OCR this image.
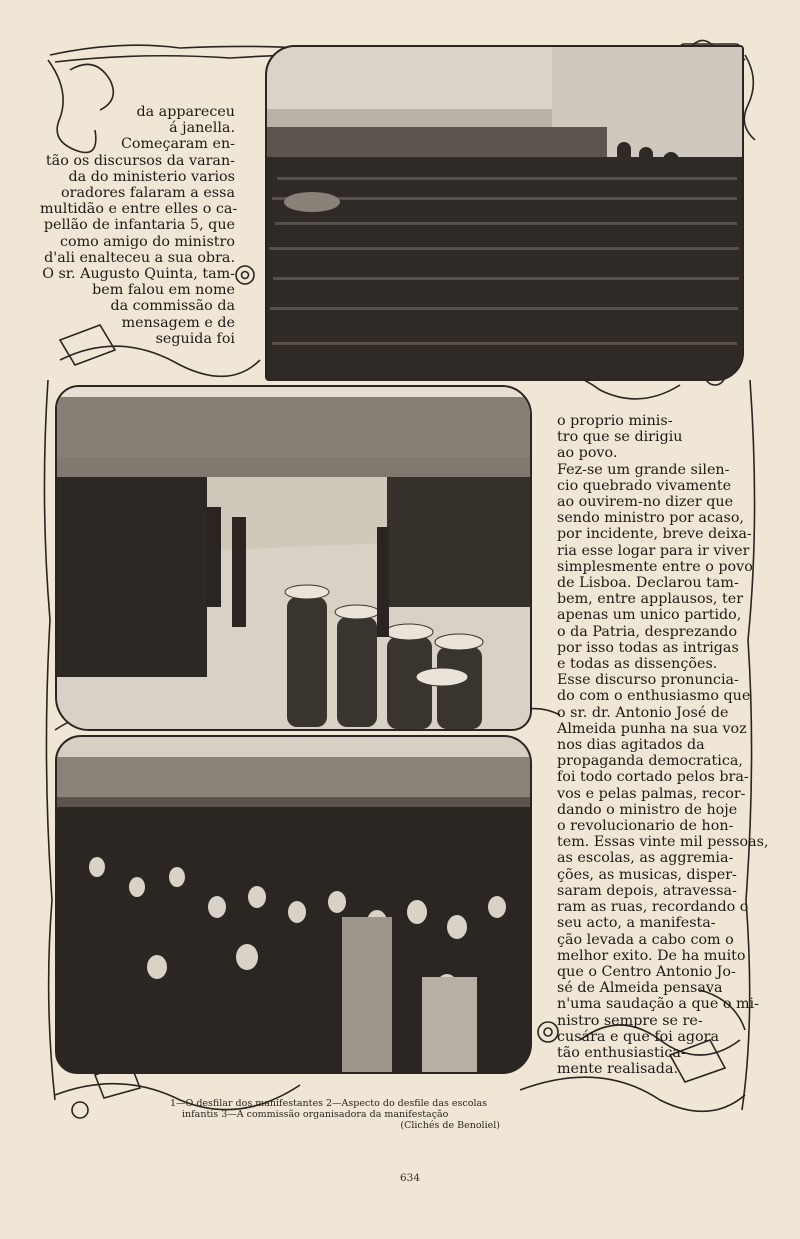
da appareceu
á janella.
Começaram en-
tão os discursos da varan-
da do ministerio varios
oradores falaram a essa
multidão e entre elles o ca-
pellão de infantaria 5, que
como amigo do ministro
d'ali enalteceu a sua obra.
O sr. Augusto Quinta, tam-
bem falou em nome
da commissão da
mensagem e de
seguida foi
o proprio minis-
tro que se dirigiu
ao povo.
Fez-se um grande silen-
cio quebrado vivamente
ao ouvirem-no dizer que
sendo ministro por acaso,
por incidente, breve deixa-
ria esse logar para ir viver
simplesmente entre o povo
de Lisboa. Declarou tam-
bem, entre applausos, ter
apenas um unico partido,
o da Patria, desprezando
por isso todas as intrigas
e todas as dissenções.
Esse discurso pronuncia-
do com o enthusiasmo que
o sr. dr. Antonio José de
Almeida punha na sua voz
nos dias agitados da
propaganda democratica,
foi todo cortado pelos bra-
vos e pelas palmas, recor-
dando o ministro de hoje
o revolucionario de hon-
tem. Essas vinte mil pessoas,
as escolas, as aggremia-
ções, as musicas, disper-
saram depois, atravessa-
ram as ruas, recordando o
seu acto, a manifesta-
ção levada a cabo com o
melhor exito. De ha muito
que o Centro Antonio Jo-
sé de Almeida pensava
n'uma saudação a que o mi-
nistro sempre se re-
cusára e que foi agora
tão enthusiastica-
mente realisada.
1—O desfilar dos manifestantes 2—Aspecto do desfile das escolas
infantis 3—A commissão organisadora da manifestação
(Clichés de Benoliel)
634
